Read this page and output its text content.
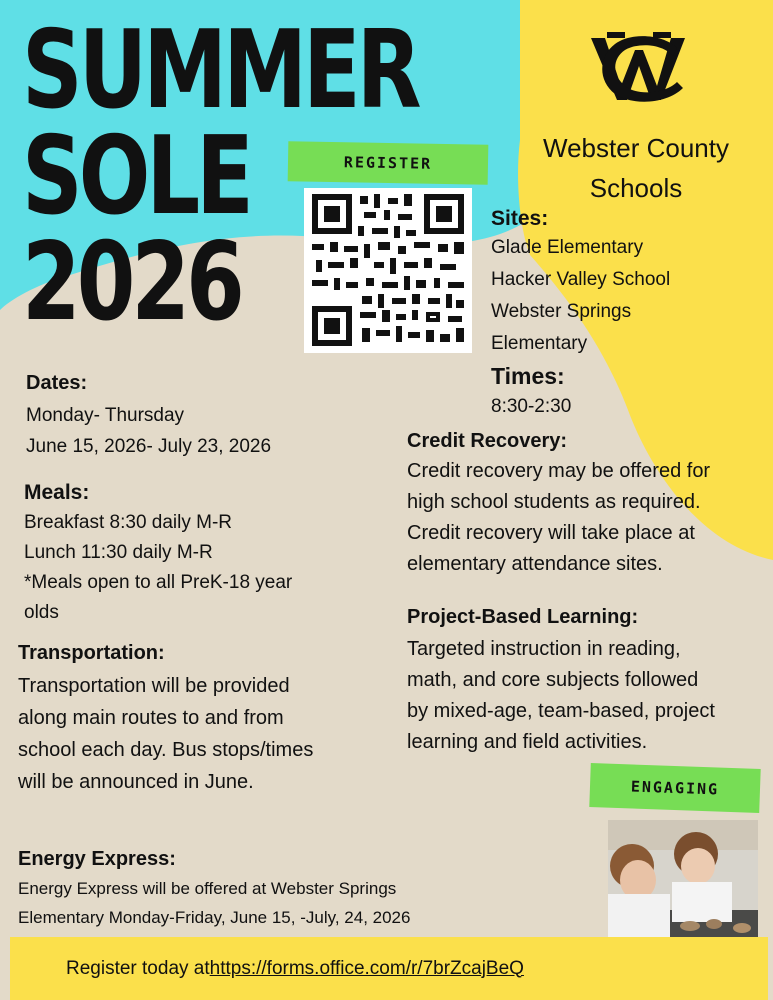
SUMMER
SOLE
2026
REGISTER	Webster County
Schools

Sites:

Glade Elementary

Hacker Valley School

Webster Springs

Elementary

Times:

8:30-2:30

Dates:

Monday- Thursday

June 15, 2026- July 23, 2026

Meals:

Breakfast 8:30 daily M-R

Lunch 11:30 daily M-R

*Meals open to all PreK-18 year

olds

Transportation:

Transportation will be provided

along main routes to and from

school each day. Bus stops/times

will be announced in June.

Credit Recovery:

Credit recovery may be offered for

high school students as required.

Credit recovery will take place at

elementary attendance sites.

Project-Based Learning:

Targeted instruction in reading,

math, and core subjects followed

by mixed-age, team-based, project

learning and field activities.

ENGAGING

Energy Express:

Energy Express will be offered at Webster Springs

Elementary Monday-Friday, June 15, -July, 24, 2026

Register today at https://forms.office.com/r/7brZcajBeQ
